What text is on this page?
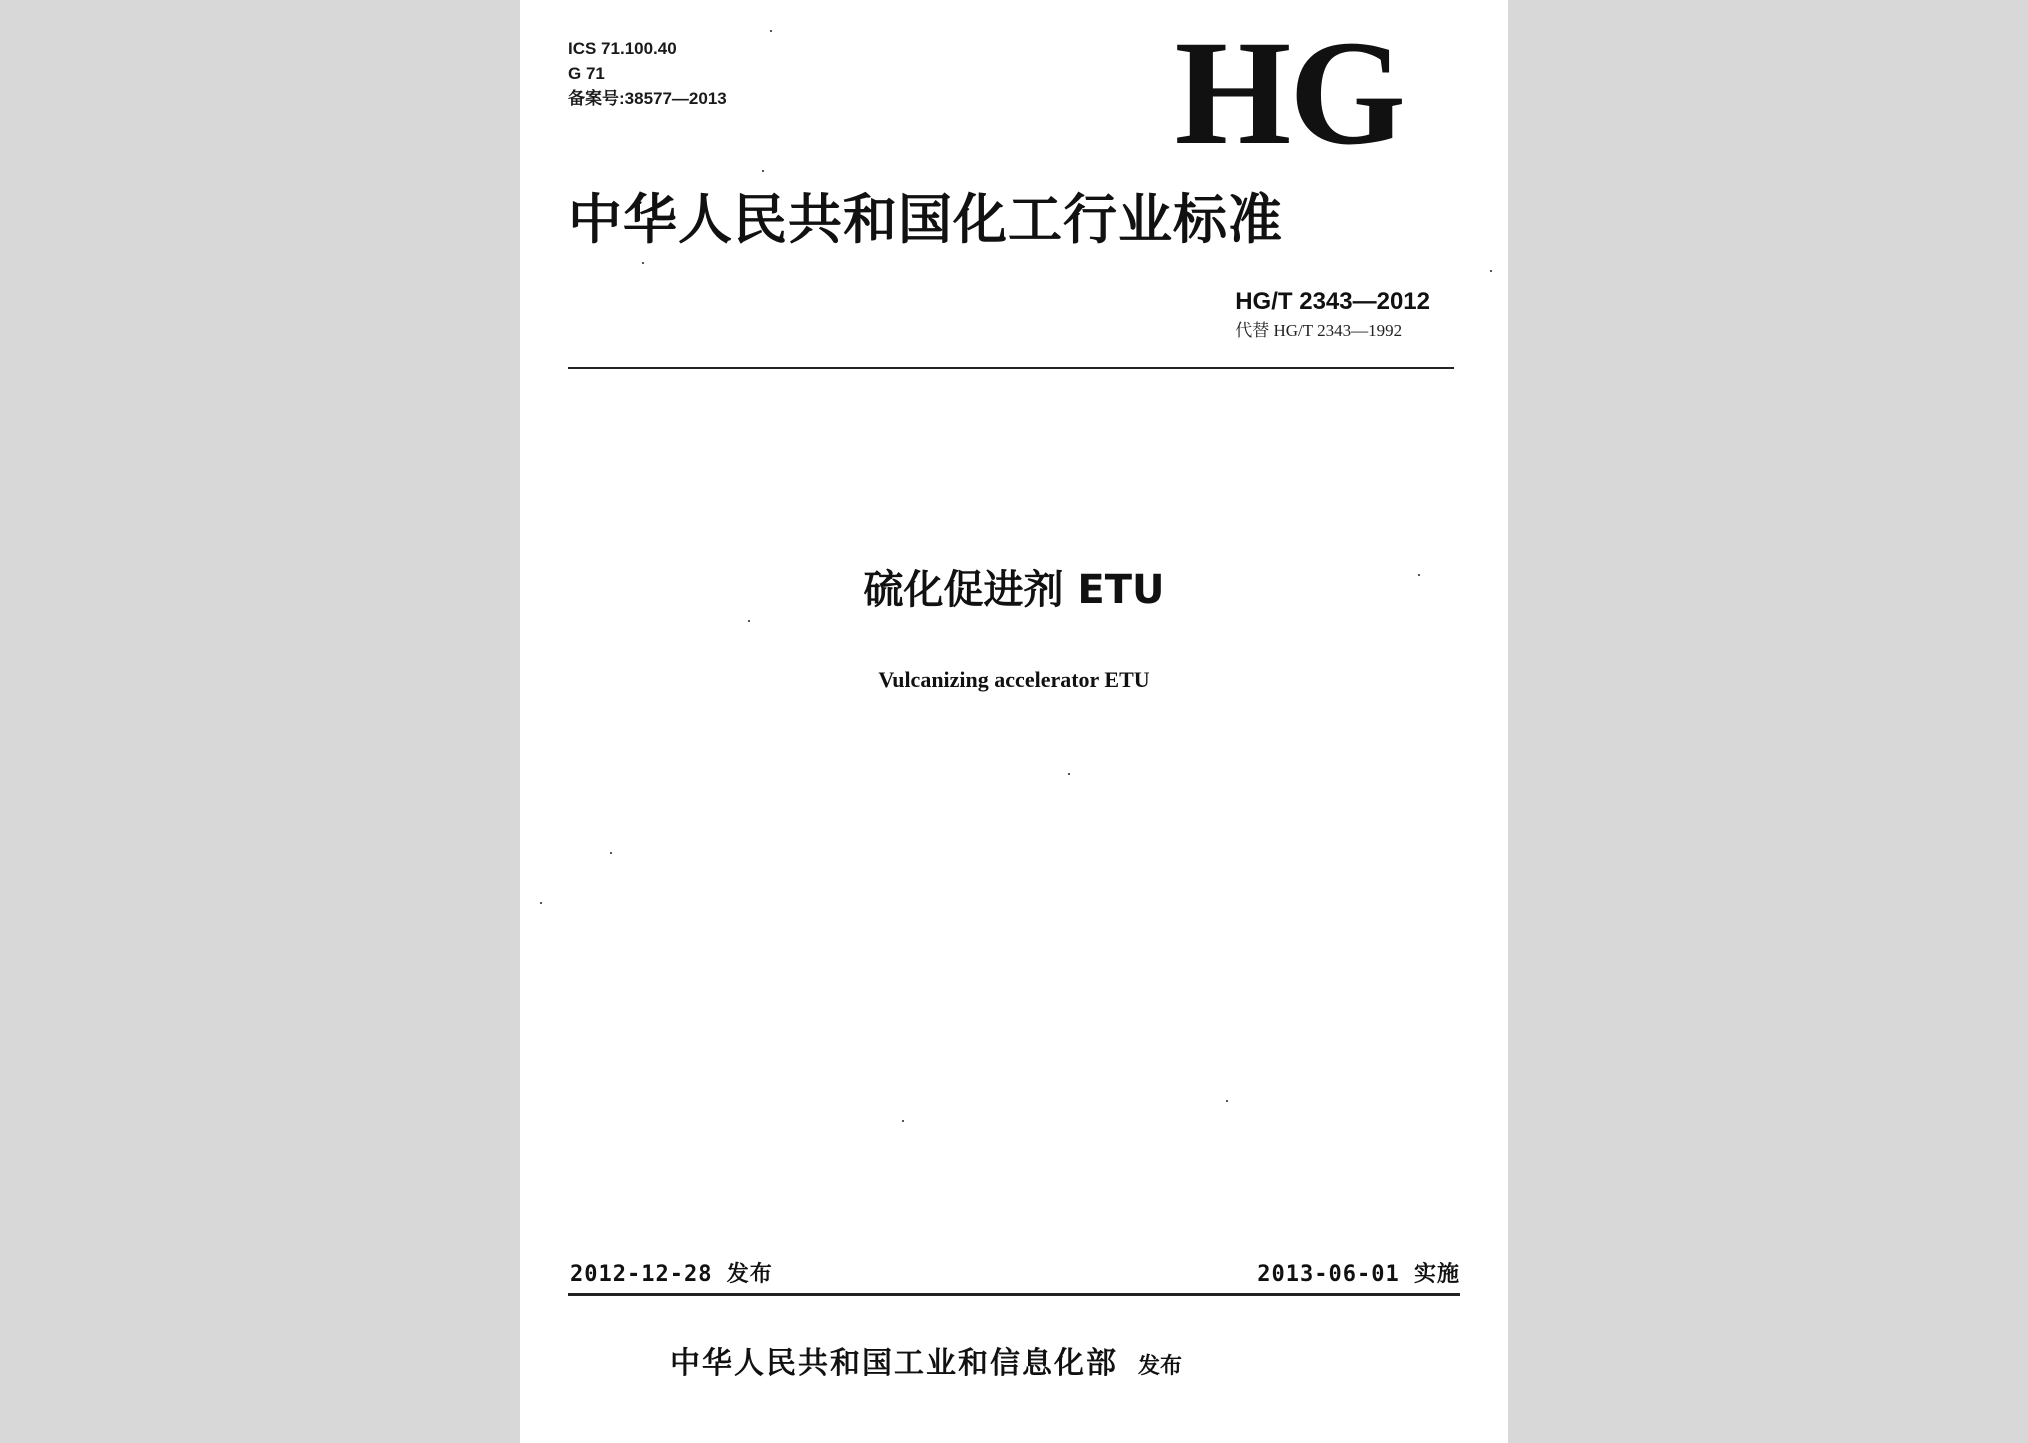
ICS 71.100.40
G 71
备案号:38577—2013	HG
中华人民共和国化工行业标准
HG/T 2343—2012
代替 HG/T 2343—1992
硫化促进剂 ETU
Vulcanizing accelerator ETU
2012-12-28 发布	2013-06-01 实施
中华人民共和国工业和信息化部 发布
